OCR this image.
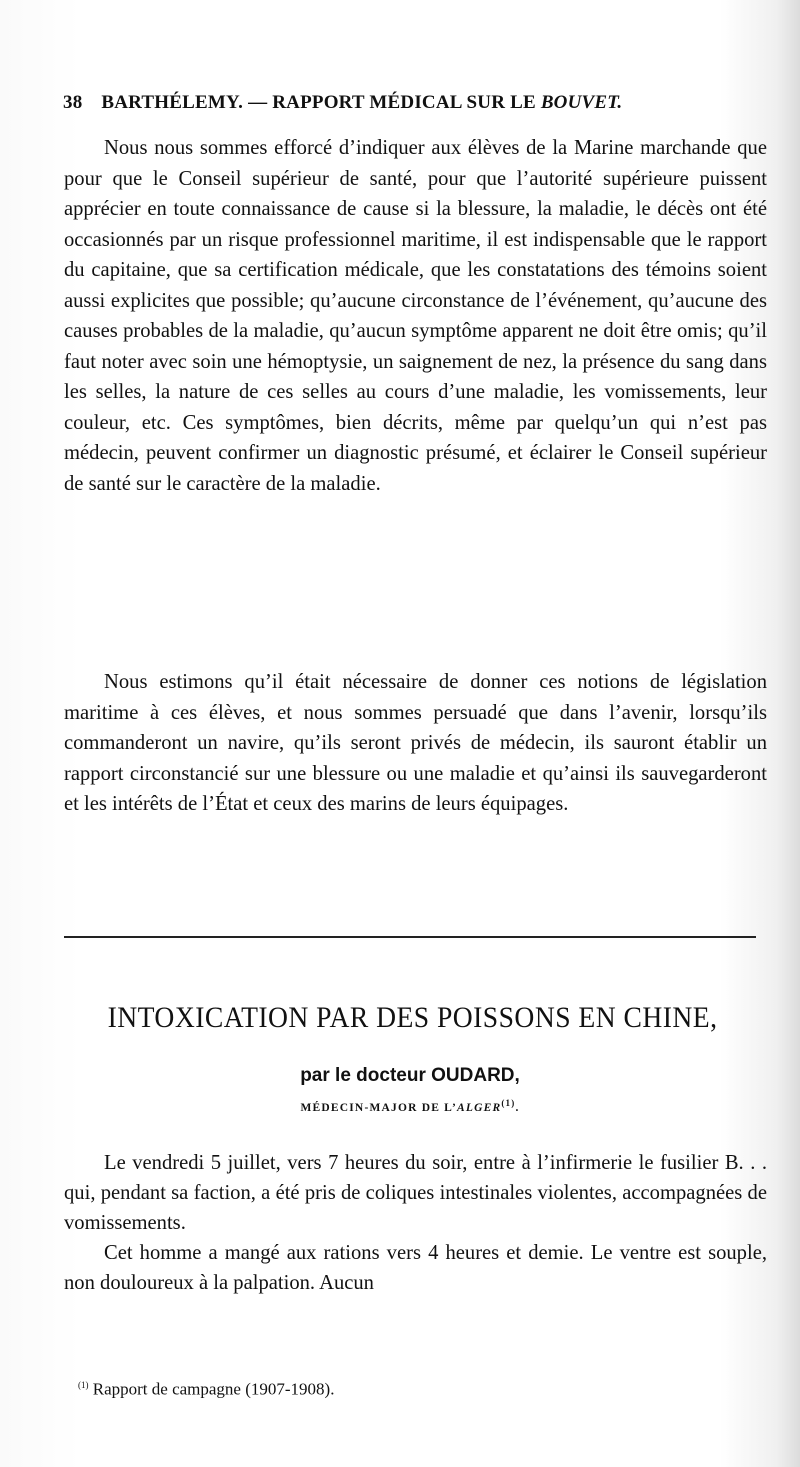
38 BARTHÉLEMY. — RAPPORT MÉDICAL SUR LE BOUVET.

Nous nous sommes efforcé d’indiquer aux élèves de la Marine marchande que pour que le Conseil supérieur de santé, pour que l’autorité supérieure puissent apprécier en toute connaissance de cause si la blessure, la maladie, le décès ont été occasionnés par un risque professionnel maritime, il est indispensable que le rapport du capitaine, que sa certification médicale, que les constatations des témoins soient aussi explicites que possible; qu’aucune circonstance de l’événement, qu’aucune des causes probables de la maladie, qu’aucun symptôme apparent ne doit être omis; qu’il faut noter avec soin une hémoptysie, un saignement de nez, la présence du sang dans les selles, la nature de ces selles au cours d’une maladie, les vomissements, leur couleur, etc. Ces symptômes, bien décrits, même par quelqu’un qui n’est pas médecin, peuvent confirmer un diagnostic présumé, et éclairer le Conseil supérieur de santé sur le caractère de la maladie.

Nous estimons qu’il était nécessaire de donner ces notions de législation maritime à ces élèves, et nous sommes persuadé que dans l’avenir, lorsqu’ils commanderont un navire, qu’ils seront privés de médecin, ils sauront établir un rapport circonstancié sur une blessure ou une maladie et qu’ainsi ils sauvegarderont et les intérêts de l’État et ceux des marins de leurs équipages.

INTOXICATION PAR DES POISSONS EN CHINE,
par le docteur OUDARD,
MÉDECIN-MAJOR DE L’ALGER$^{(1)}$.

Le vendredi 5 juillet, vers 7 heures du soir, entre à l’infirmerie le fusilier B. . . qui, pendant sa faction, a été pris de coliques intestinales violentes, accompagnées de vomissements.

Cet homme a mangé aux rations vers 4 heures et demie. Le ventre est souple, non douloureux à la palpation. Aucun

$^{(1)}$ Rapport de campagne (1907-1908).
